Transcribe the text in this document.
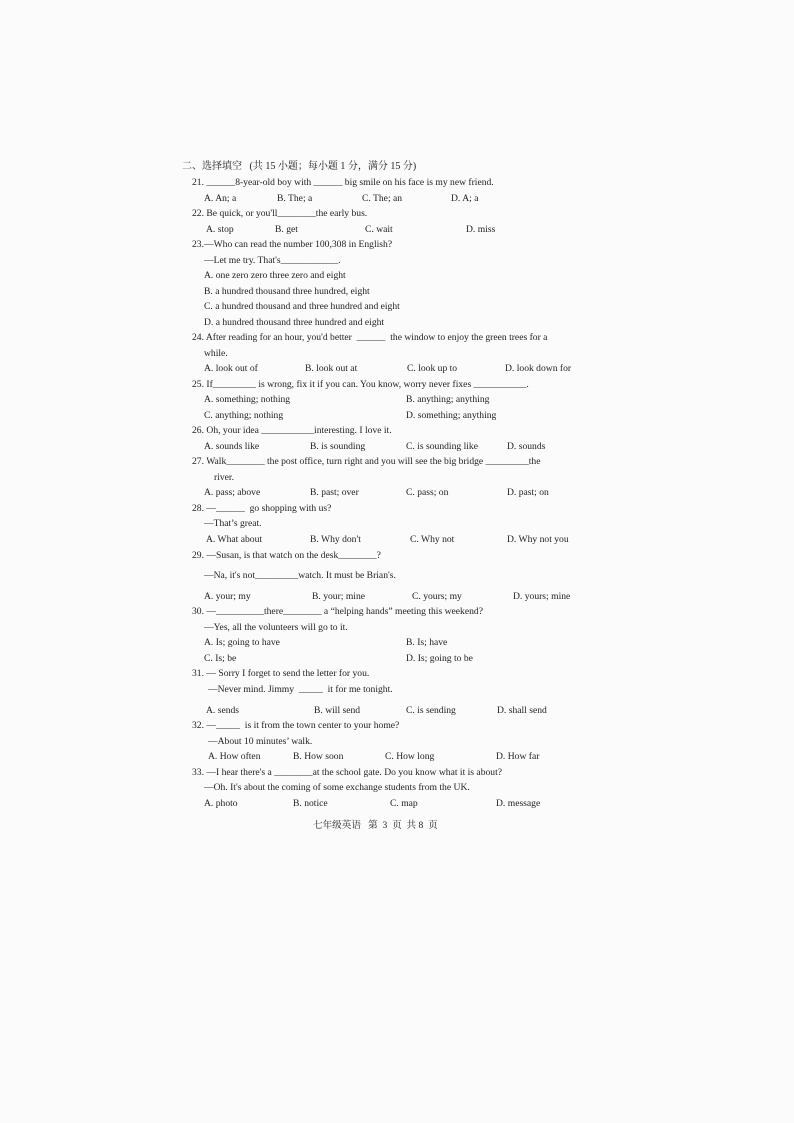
二、选择填空   (共 15 小题；每小题 1 分，满分 15 分)
21. ______8-year-old boy with ______ big smile on his face is my new friend.
A. An; a	B. The; a	C. The; an	D. A; a
22. Be quick, or you'll________the early bus.
A. stop	B. get	C. wait	D. miss
23.—Who can read the number 100,308 in English?
—Let me try. That's____________.
A. one zero zero three zero and eight
B. a hundred thousand three hundred, eight
C. a hundred thousand and three hundred and eight
D. a hundred thousand three hundred and eight
24. After reading for an hour, you'd better  ______  the window to enjoy the green trees for a
while.
A. look out of	B. look out at	C. look up to	D. look down for
25. If_________ is wrong, fix it if you can. You know, worry never fixes ___________.
A. something; nothing	B. anything; anything
C. anything; nothing	D. something; anything
26. Oh, your idea ___________interesting. I love it.
A. sounds like	B. is sounding	C. is sounding like	D. sounds
27. Walk________ the post office, turn right and you will see the big bridge _________the
river.
A. pass; above	B. past; over	C. pass; on	D. past; on
28. —______  go shopping with us?
—That’s great.
A. What about	B. Why don't	C. Why not	D. Why not you
29. —Susan, is that watch on the desk________?
—Na, it's not_________watch. It must be Brian's.
A. your; my	B. your; mine	C. yours; my	D. yours; mine
30. —__________there________ a “helping hands” meeting this weekend?
—Yes, all the volunteers will go to it.
A. Is; going to have	B. Is; have
C. Is; be	D. Is; going to be
31. — Sorry I forget to send the letter for you.
—Never mind. Jimmy  _____  it for me tonight.
A. sends	B. will send	C. is sending	D. shall send
32. —_____  is it from the town center to your home?
—About 10 minutes’ walk.
A. How often	B. How soon	C. How long	D. How far
33. —I hear there's a ________at the school gate. Do you know what it is about?
—Oh. It's about the coming of some exchange students from the UK.
A. photo	B. notice	C. map	D. message
七年级英语   第  3  页  共 8  页
